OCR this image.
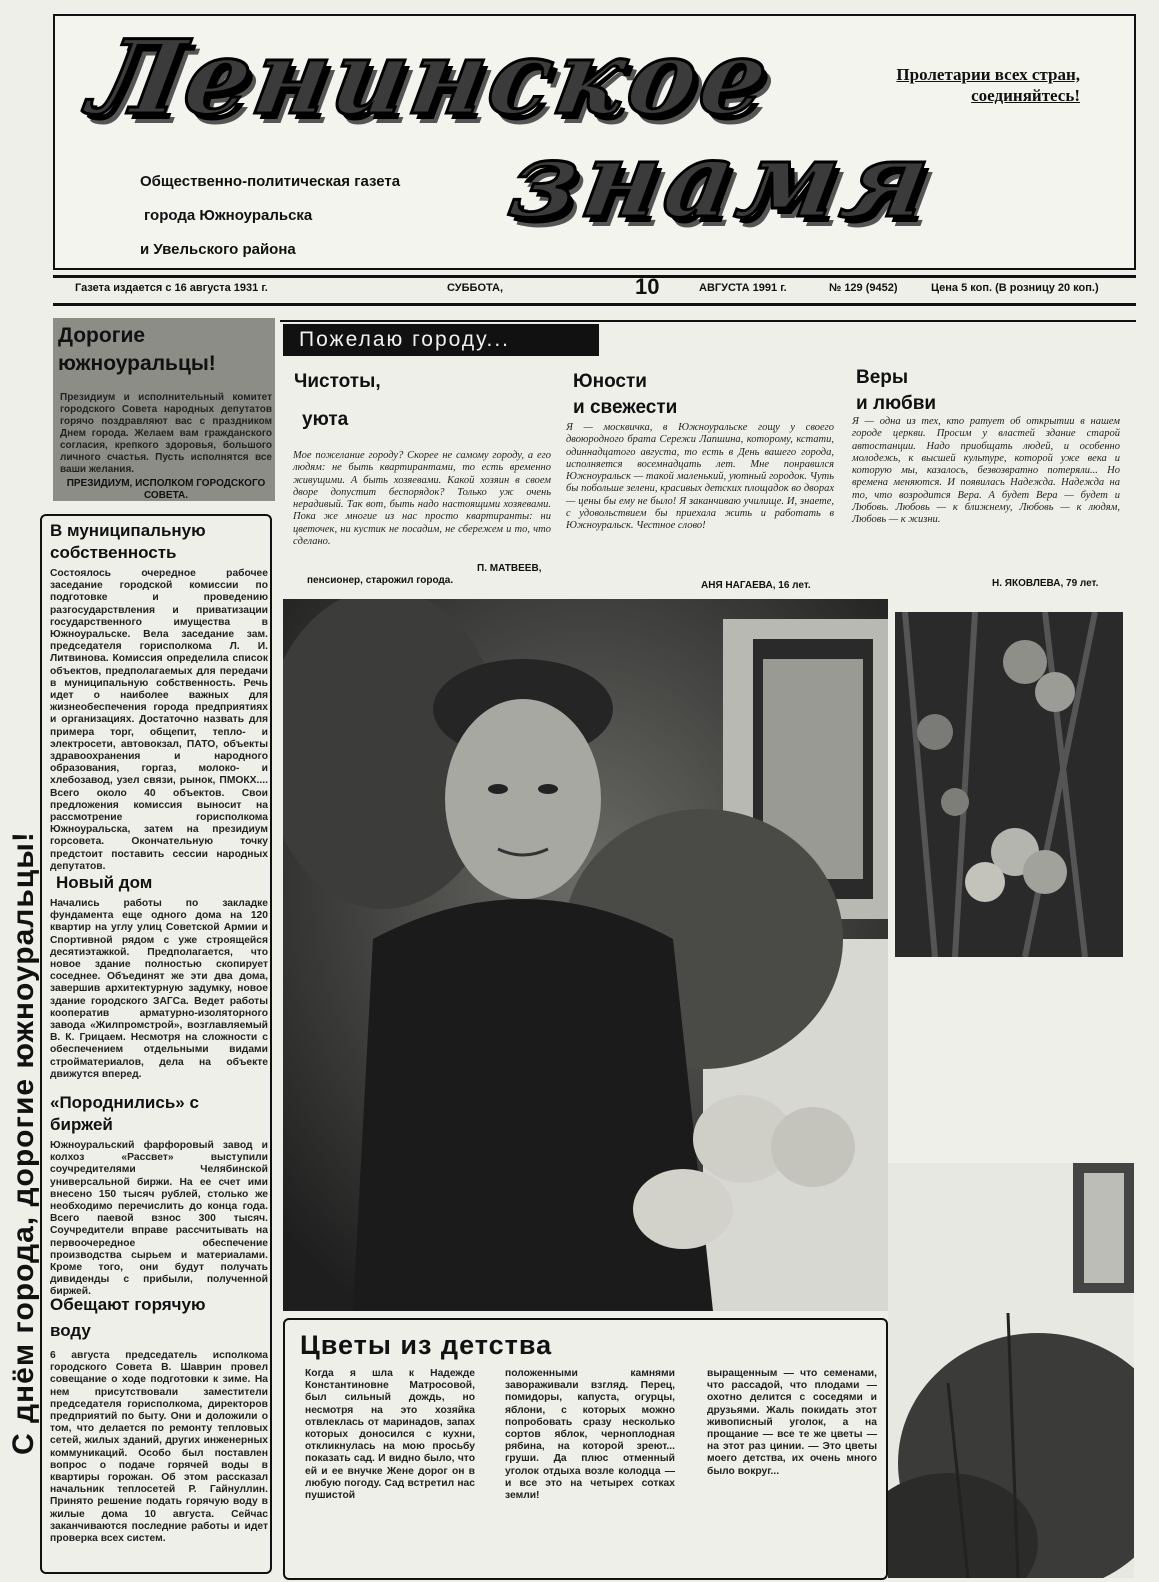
Ленинское
знамя
Пролетарии всех стран,
соединяйтесь!
Общественно-политическая газета
города Южноуральска
и Увельского района
Газета издается с 16 августа 1931 г.	СУББОТА,	10	АВГУСТА 1991 г.	№ 129 (9452)	Цена 5 коп. (В розницу 20 коп.)
Дорогие южноуральцы!
Президиум и исполнительный комитет городского Совета народных депутатов горячо поздравляют вас с праздником Днем города. Желаем вам гражданского согласия, крепкого здоровья, большого личного счастья. Пусть исполнятся все ваши желания.
ПРЕЗИДИУМ, ИСПОЛКОМ ГОРОДСКОГО СОВЕТА.
С днём города, дорогие южноуральцы!
В муниципальную собственность
Состоялось очередное рабочее заседание городской комиссии по подготовке и проведению разгосударствления и приватизации государственного имущества в Южноуральске. Вела заседание зам. председателя горисполкома Л. И. Литвинова. Комиссия определила список объектов, предполагаемых для передачи в муниципальную собственность. Речь идет о наиболее важных для жизнеобеспечения города предприятиях и организациях. Достаточно назвать для примера торг, общепит, тепло- и электросети, автовокзал, ПАТО, объекты здравоохранения и народного образования, горгаз, молоко- и хлебозавод, узел связи, рынок, ПМОКХ.... Всего около 40 объектов. Свои предложения комиссия выносит на рассмотрение горисполкома Южноуральска, затем на президиум горсовета. Окончательную точку предстоит поставить сессии народных депутатов.
Новый дом
Начались работы по закладке фундамента еще одного дома на 120 квартир на углу улиц Советской Армии и Спортивной рядом с уже строящейся десятиэтажкой. Предполагается, что новое здание полностью скопирует соседнее. Объединят же эти два дома, завершив архитектурную задумку, новое здание городского ЗАГСа. Ведет работы кооператив арматурно-изоляторного завода «Жилпромстрой», возглавляемый В. К. Грицаем. Несмотря на сложности с обеспечением отдельными видами стройматериалов, дела на объекте движутся вперед.
«Породнились» с биржей
Южноуральский фарфоровый завод и колхоз «Рассвет» выступили соучредителями Челябинской универсальной биржи. На ее счет ими внесено 150 тысяч рублей, столько же необходимо перечислить до конца года. Всего паевой взнос 300 тысяч. Соучредители вправе рассчитывать на первоочередное обеспечение производства сырьем и материалами. Кроме того, они будут получать дивиденды с прибыли, полученной биржей.
Обещают горячую воду
6 августа председатель исполкома городского Совета В. Шаврин провел совещание о ходе подготовки к зиме. На нем присутствовали заместители председателя горисполкома, директоров предприятий по быту. Они и доложили о том, что делается по ремонту тепловых сетей, жилых зданий, других инженерных коммуникаций. Особо был поставлен вопрос о подаче горячей воды в квартиры горожан. Об этом рассказал начальник теплосетей Р. Гайнуллин. Принято решение подать горячую воду в жилые дома 10 августа. Сейчас заканчиваются последние работы и идет проверка всех систем.
Пожелаю городу...
Чистоты,
уюта
Мое пожелание городу? Скорее не самому городу, а его людям: не быть квартирантами, то есть временно живущими. А быть хозяевами. Какой хозяин в своем дворе допустит беспорядок? Только уж очень нерадивый. Так вот, быть надо настоящими хозяевами. Пока же многие из нас просто квартиранты: ни цветочек, ни кустик не посадим, не сбережем и то, что сделано.
П. МАТВЕЕВ,
пенсионер, старожил города.
Юности
и свежести
Я — москвичка, в Южноуральске гощу у своего двоюродного брата Сережи Лапшина, которому, кстати, одиннадцатого августа, то есть в День вашего города, исполняется восемнадцать лет. Мне понравился Южноуральск — такой маленький, уютный городок. Чуть бы побольше зелени, красивых детских площадок во дворах — цены бы ему не было! Я заканчиваю училище. И, знаете, с удовольствием бы приехала жить и работать в Южноуральск. Честное слово!
АНЯ НАГАЕВА, 16 лет.
Веры
и любви
Я — одна из тех, кто ратует об открытии в нашем городе церкви. Просим у властей здание старой автостанции. Надо приобщать людей, и особенно молодежь, к высшей культуре, которой уже века и которую мы, казалось, безвозвратно потеряли... Но времена меняются. И появилась Надежда. Надежда на то, что возродится Вера. А будет Вера — будет и Любовь. Любовь — к ближнему, Любовь — к людям, Любовь — к жизни.
Н. ЯКОВЛЕВА, 79 лет.
Цветы из детства
Когда я шла к Надежде Константиновне Матросовой, был сильный дождь, но несмотря на это хозяйка отвлеклась от маринадов, запах которых доносился с кухни, откликнулась на мою просьбу показать сад. И видно было, что ей и ее внучке Жене дорог он в любую погоду. Сад встретил нас пушистой
положенными камнями заворaживали взгляд. Перец, помидоры, капуста, огурцы, яблони, с которых можно попробовать сразу несколько сортов яблок, черноплодная рябина, на которой зреют... груши. Да плюс отменный уголок отдыха возле колодца — и все это на четырех сотках земли!
выращенным — что семенами, что рассадой, что плодами — охотно делится с соседями и друзьями. Жаль покидать этот живописный уголок, а на прощание — все те же цветы — на этот раз цинии. — Это цветы моего детства, их очень много было вокруг...
